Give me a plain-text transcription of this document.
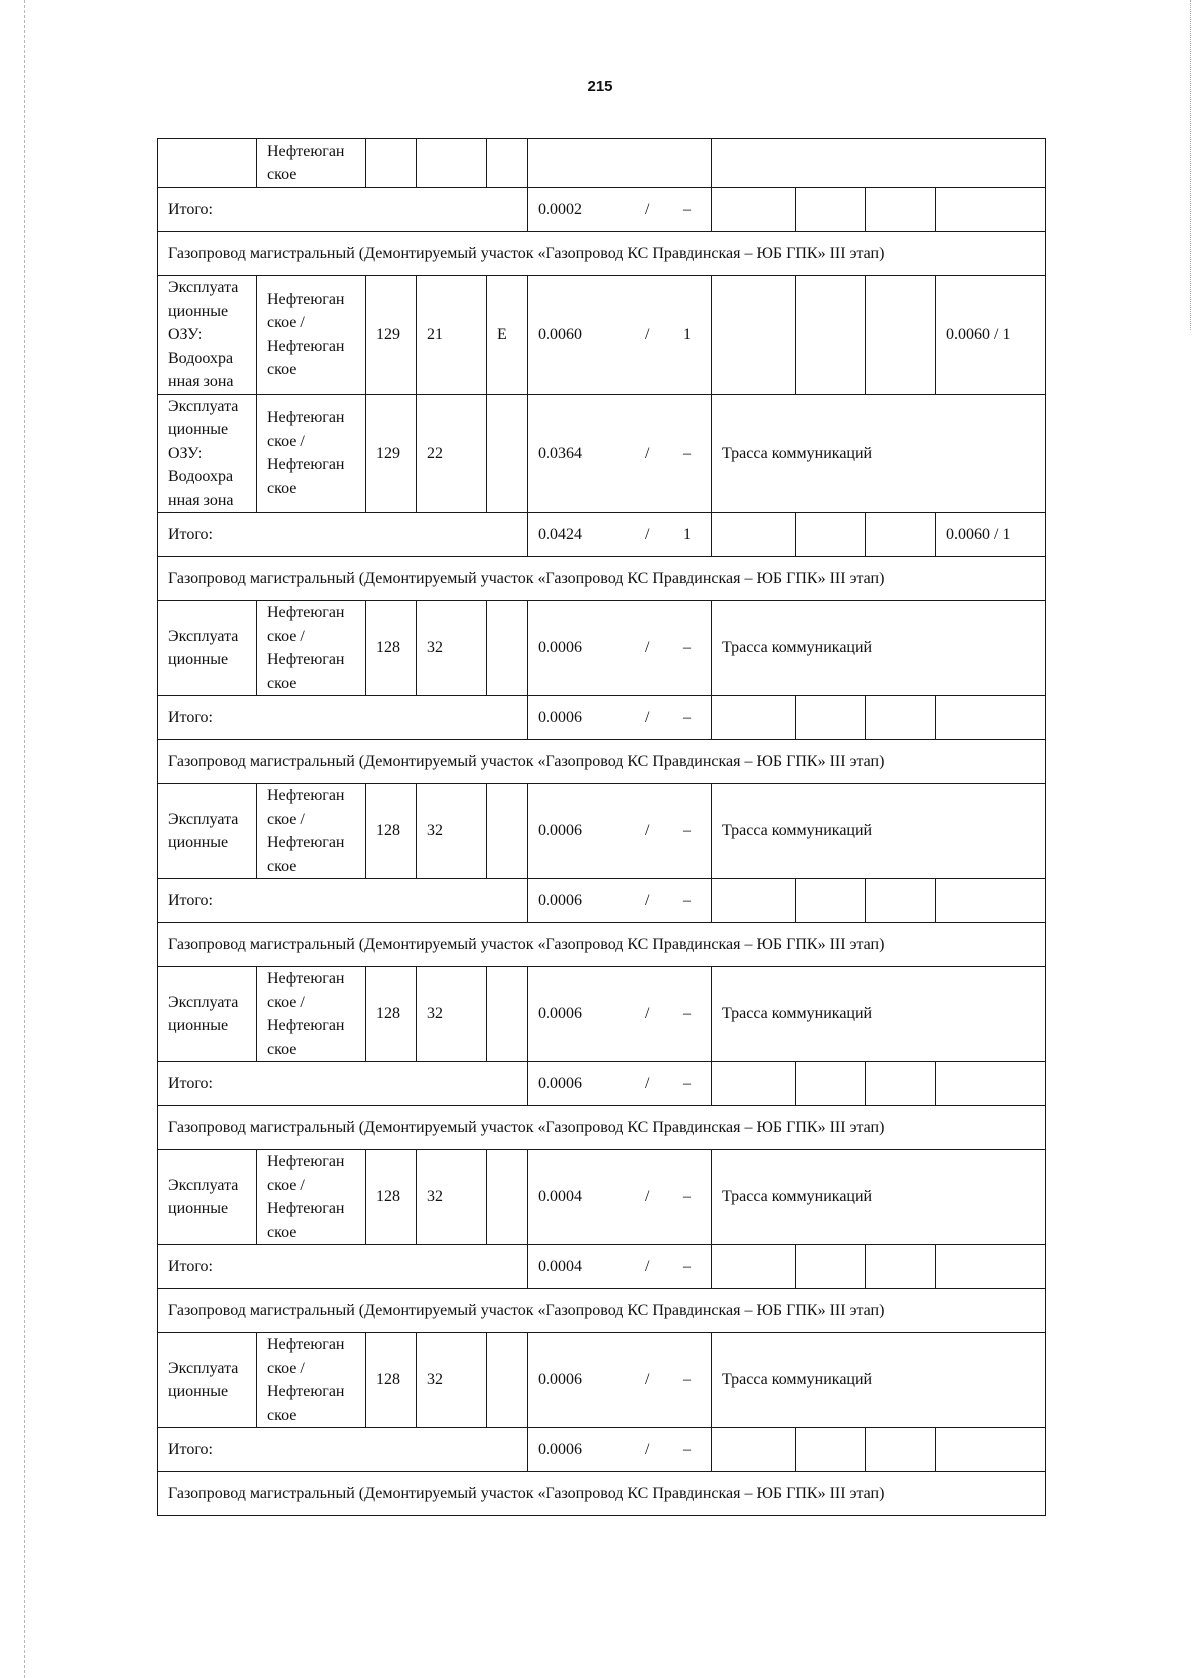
215

	Нефтеюган
ское								

Итого:					0.0002 / –				

Газопровод магистральный (Демонтируемый участок «Газопровод КС Правдинская – ЮБ ГПК» III этап)									

Эксплуата
ционные
ОЗУ:
Водоохра
нная зона	Нефтеюган
ское /
Нефтеюган
ское	129	21	Е	0.0060 / 1				0.0060 / 1

Эксплуата
ционные
ОЗУ:
Водоохра
нная зона	Нефтеюган
ское /
Нефтеюган
ское	129	22		0.0364 / –	Трасса коммуникаций			
Итого:					0.0424 / 1				0.0060 / 1
Газопровод магистральный (Демонтируемый участок «Газопровод КС Правдинская – ЮБ ГПК» III этап)									

Эксплуата
ционные	Нефтеюган
ское /
Нефтеюган
ское	128	32		0.0006 / –	Трасса коммуникаций			
Итого:					0.0006 / –				

Газопровод магистральный (Демонтируемый участок «Газопровод КС Правдинская – ЮБ ГПК» III этап)									

Эксплуата
ционные	Нефтеюган
ское /
Нефтеюган
ское	128	32		0.0006 / –	Трасса коммуникаций			
Итого:					0.0006 / –				

Газопровод магистральный (Демонтируемый участок «Газопровод КС Правдинская – ЮБ ГПК» III этап)									

Эксплуата
ционные	Нефтеюган
ское /
Нефтеюган
ское	128	32		0.0006 / –	Трасса коммуникаций			
Итого:					0.0006 / –				

Газопровод магистральный (Демонтируемый участок «Газопровод КС Правдинская – ЮБ ГПК» III этап)									

Эксплуата
ционные	Нефтеюган
ское /
Нефтеюган
ское	128	32		0.0004 / –	Трасса коммуникаций			
Итого:					0.0004 / –				

Газопровод магистральный (Демонтируемый участок «Газопровод КС Правдинская – ЮБ ГПК» III этап)									

Эксплуата
ционные	Нефтеюган
ское /
Нефтеюган
ское	128	32		0.0006 / –	Трасса коммуникаций			
Итого:					0.0006 / –				

Газопровод магистральный (Демонтируемый участок «Газопровод КС Правдинская – ЮБ ГПК» III этап)									
